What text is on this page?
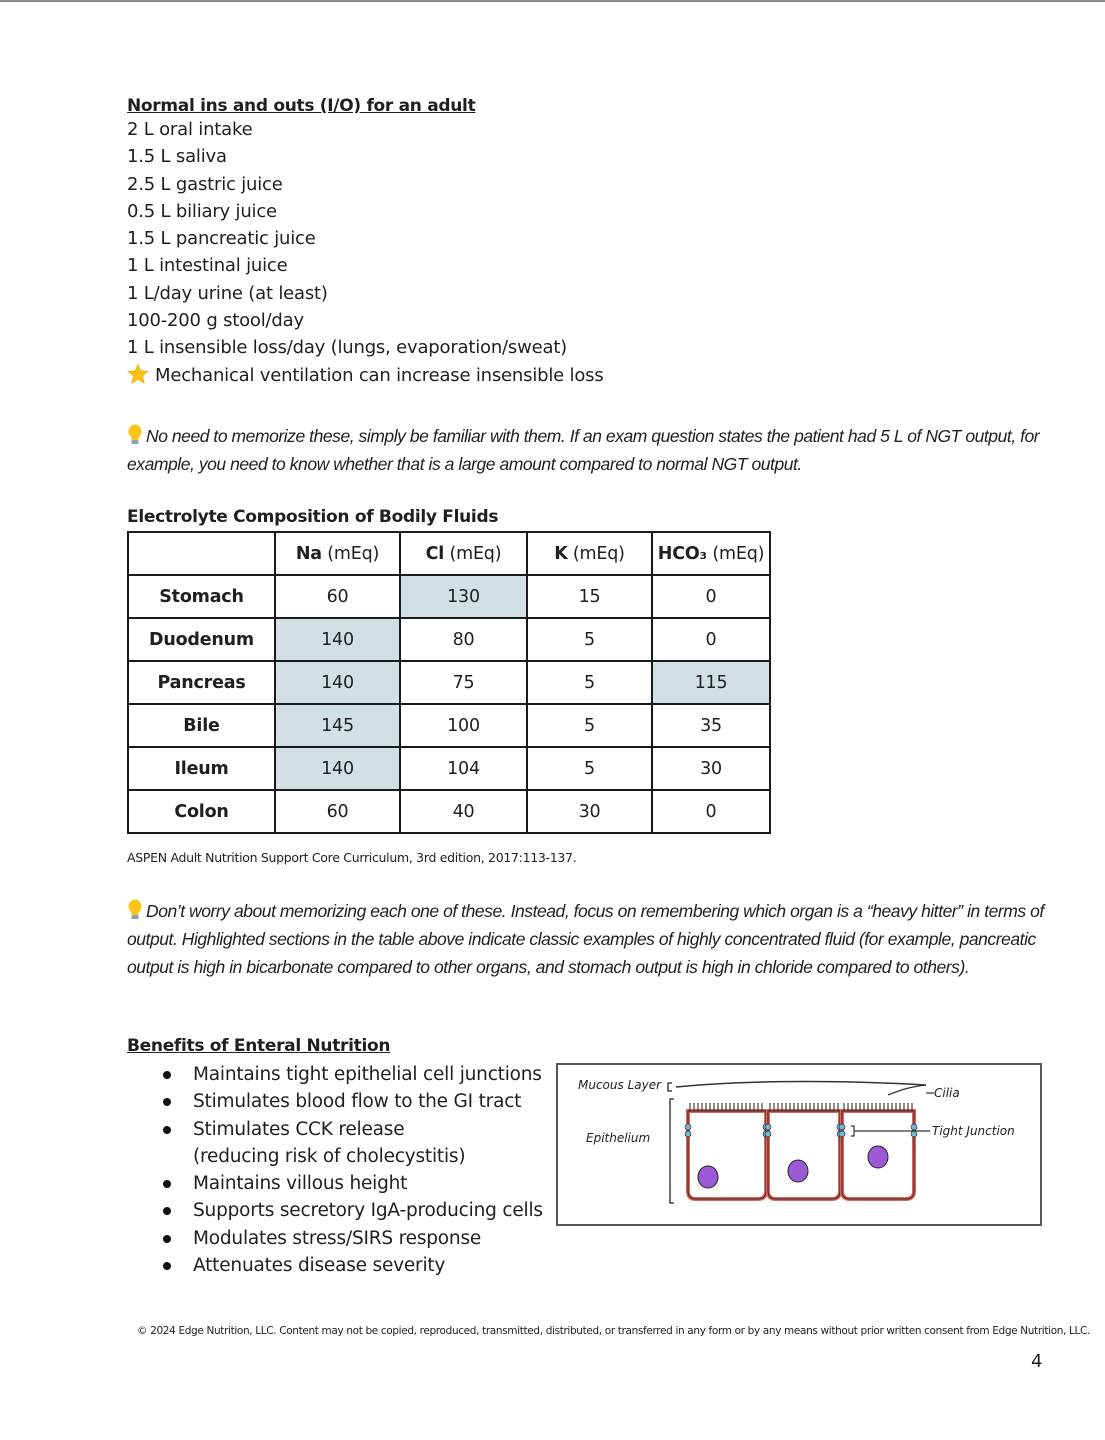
Normal ins and outs (I/O) for an adult
2 L oral intake
1.5 L saliva
2.5 L gastric juice
0.5 L biliary juice
1.5 L pancreatic juice
1 L intestinal juice
1 L/day urine (at least)
100-200 g stool/day
1 L insensible loss/day (lungs, evaporation/sweat)
Mechanical ventilation can increase insensible loss
No need to memorize these, simply be familiar with them. If an exam question states the patient had 5 L of NGT output, for example, you need to know whether that is a large amount compared to normal NGT output.
Electrolyte Composition of Bodily Fluids
	Na (mEq)	Cl (mEq)	K (mEq)	HCO₃ (mEq)
Stomach	60	130	15	0
Duodenum	140	80	5	0
Pancreas	140	75	5	115
Bile	145	100	5	35
Ileum	140	104	5	30
Colon	60	40	30	0
ASPEN Adult Nutrition Support Core Curriculum, 3rd edition, 2017:113-137.
Don’t worry about memorizing each one of these. Instead, focus on remembering which organ is a “heavy hitter” in terms of output. Highlighted sections in the table above indicate classic examples of highly concentrated fluid (for example, pancreatic output is high in bicarbonate compared to other organs, and stomach output is high in chloride compared to others).
Benefits of Enteral Nutrition
Maintains tight epithelial cell junctions
Stimulates blood flow to the GI tract
Stimulates CCK release
(reducing risk of cholecystitis)
Maintains villous height
Supports secretory IgA-producing cells
Modulates stress/SIRS response
Attenuates disease severity
Mucous Layer
Epithelium
Cilia
Tight Junction
© 2024 Edge Nutrition, LLC. Content may not be copied, reproduced, transmitted, distributed, or transferred in any form or by any means without prior written consent from Edge Nutrition, LLC.
4
